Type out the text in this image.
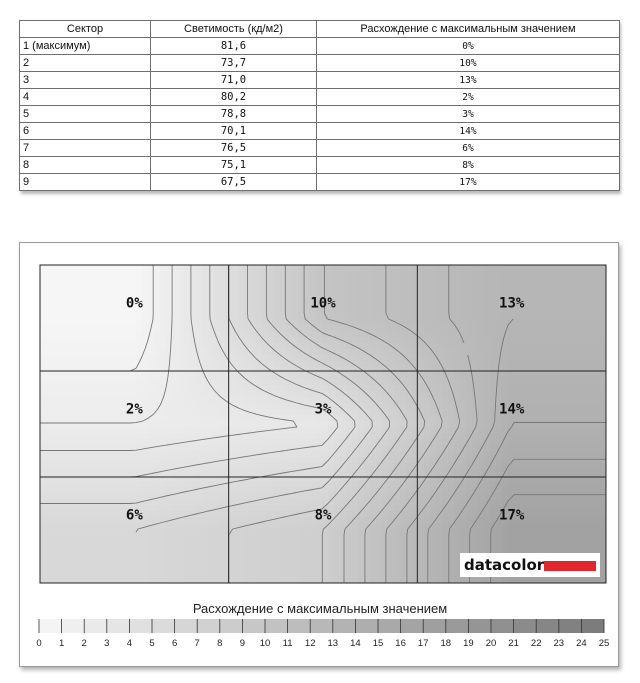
Сектор	Светимость (кд/м2)	Расхождение с максимальным значением
1 (максимум)	81,6	0%
2	73,7	10%
3	71,0	13%
4	80,2	2%
5	78,8	3%
6	70,1	14%
7	76,5	6%
8	75,1	8%
9	67,5	17%
0%	10%	13%
2%	3%	14%
6%	8%	17%
datacolor
Расхождение с максимальным значением
0 1 2 3 4 5 6 7 8 9 10 11 12 13 14 15 16 17 18 19 20 21 22 23 24 25
